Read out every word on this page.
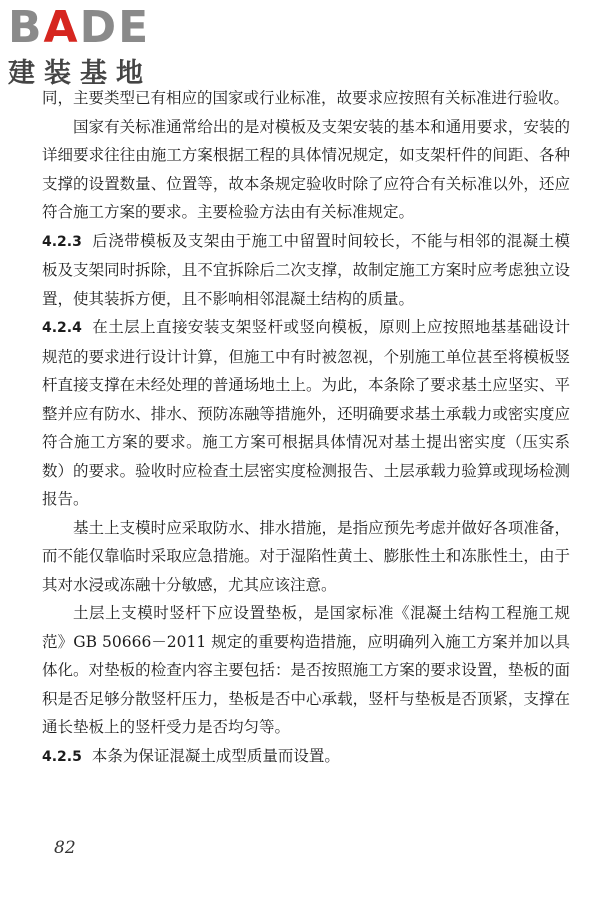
BADE
建装基地

同，主要类型已有相应的国家或行业标准，故要求应按照有关标准进行验收。

国家有关标准通常给出的是对模板及支架安装的基本和通用要求，安装的详细要求往往由施工方案根据工程的具体情况规定，如支架杆件的间距、各种支撑的设置数量、位置等，故本条规定验收时除了应符合有关标准以外，还应符合施工方案的要求。主要检验方法由有关标准规定。

4.2.3 后浇带模板及支架由于施工中留置时间较长，不能与相邻的混凝土模板及支架同时拆除，且不宜拆除后二次支撑，故制定施工方案时应考虑独立设置，使其装拆方便，且不影响相邻混凝土结构的质量。

4.2.4 在土层上直接安装支架竖杆或竖向模板，原则上应按照地基基础设计规范的要求进行设计计算，但施工中有时被忽视，个别施工单位甚至将模板竖杆直接支撑在未经处理的普通场地土上。为此，本条除了要求基土应坚实、平整并应有防水、排水、预防冻融等措施外，还明确要求基土承载力或密实度应符合施工方案的要求。施工方案可根据具体情况对基土提出密实度（压实系数）的要求。验收时应检查土层密实度检测报告、土层承载力验算或现场检测报告。

基土上支模时应采取防水、排水措施，是指应预先考虑并做好各项准备，而不能仅靠临时采取应急措施。对于湿陷性黄土、膨胀性土和冻胀性土，由于其对水浸或冻融十分敏感，尤其应该注意。

土层上支模时竖杆下应设置垫板，是国家标准《混凝土结构工程施工规范》GB 50666－2011 规定的重要构造措施，应明确列入施工方案并加以具体化。对垫板的检查内容主要包括：是否按照施工方案的要求设置，垫板的面积是否足够分散竖杆压力，垫板是否中心承载，竖杆与垫板是否顶紧，支撑在通长垫板上的竖杆受力是否均匀等。

4.2.5 本条为保证混凝土成型质量而设置。

82
